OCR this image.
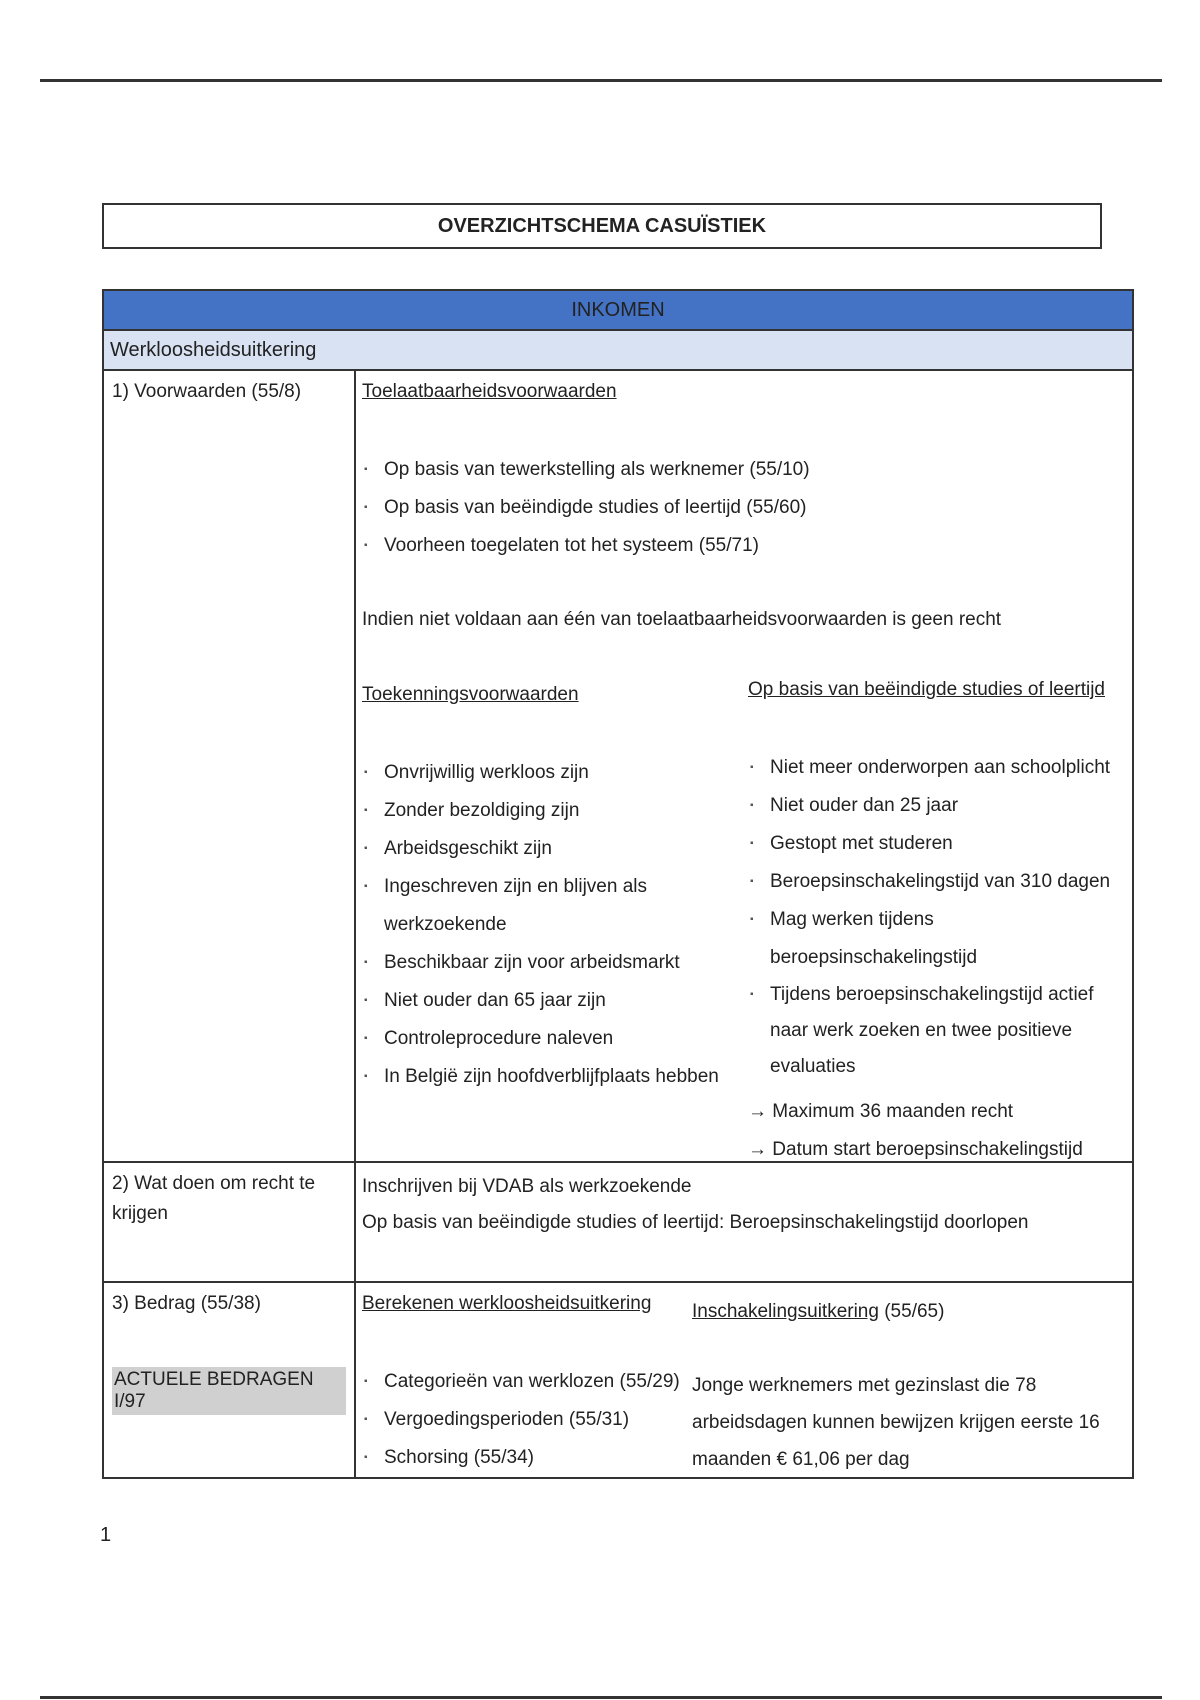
OVERZICHTSCHEMA CASUÏSTIEK
INKOMEN
Werkloosheidsuitkering
1) Voorwaarden (55/8)	Toelaatbaarheidsvoorwaarden
▪ Op basis van tewerkstelling als werknemer (55/10)
▪ Op basis van beëindigde studies of leertijd (55/60)
▪ Voorheen toegelaten tot het systeem (55/71)
Indien niet voldaan aan één van toelaatbaarheidsvoorwaarden is geen recht
Toekenningsvoorwaarden
▪ Onvrijwillig werkloos zijn
▪ Zonder bezoldiging zijn
▪ Arbeidsgeschikt zijn
▪ Ingeschreven zijn en blijven als werkzoekende
▪ Beschikbaar zijn voor arbeidsmarkt
▪ Niet ouder dan 65 jaar zijn
▪ Controleprocedure naleven
▪ In België zijn hoofdverblijfplaats hebben
Op basis van beëindigde studies of leertijd
▪ Niet meer onderworpen aan schoolplicht
▪ Niet ouder dan 25 jaar
▪ Gestopt met studeren
▪ Beroepsinschakelingstijd van 310 dagen
▪ Mag werken tijdens beroepsinschakelingstijd
▪ Tijdens beroepsinschakelingstijd actief naar werk zoeken en twee positieve evaluaties
→ Maximum 36 maanden recht
→ Datum start beroepsinschakelingstijd
2) Wat doen om recht te krijgen
Inschrijven bij VDAB als werkzoekende
Op basis van beëindigde studies of leertijd: Beroepsinschakelingstijd doorlopen
3) Bedrag (55/38)
ACTUELE BEDRAGEN I/97
Berekenen werkloosheidsuitkering
▪ Categorieën van werklozen (55/29)
▪ Vergoedingsperioden (55/31)
▪ Schorsing (55/34)
Inschakelingsuitkering (55/65)
Jonge werknemers met gezinslast die 78 arbeidsdagen kunnen bewijzen krijgen eerste 16 maanden € 61,06 per dag
1
